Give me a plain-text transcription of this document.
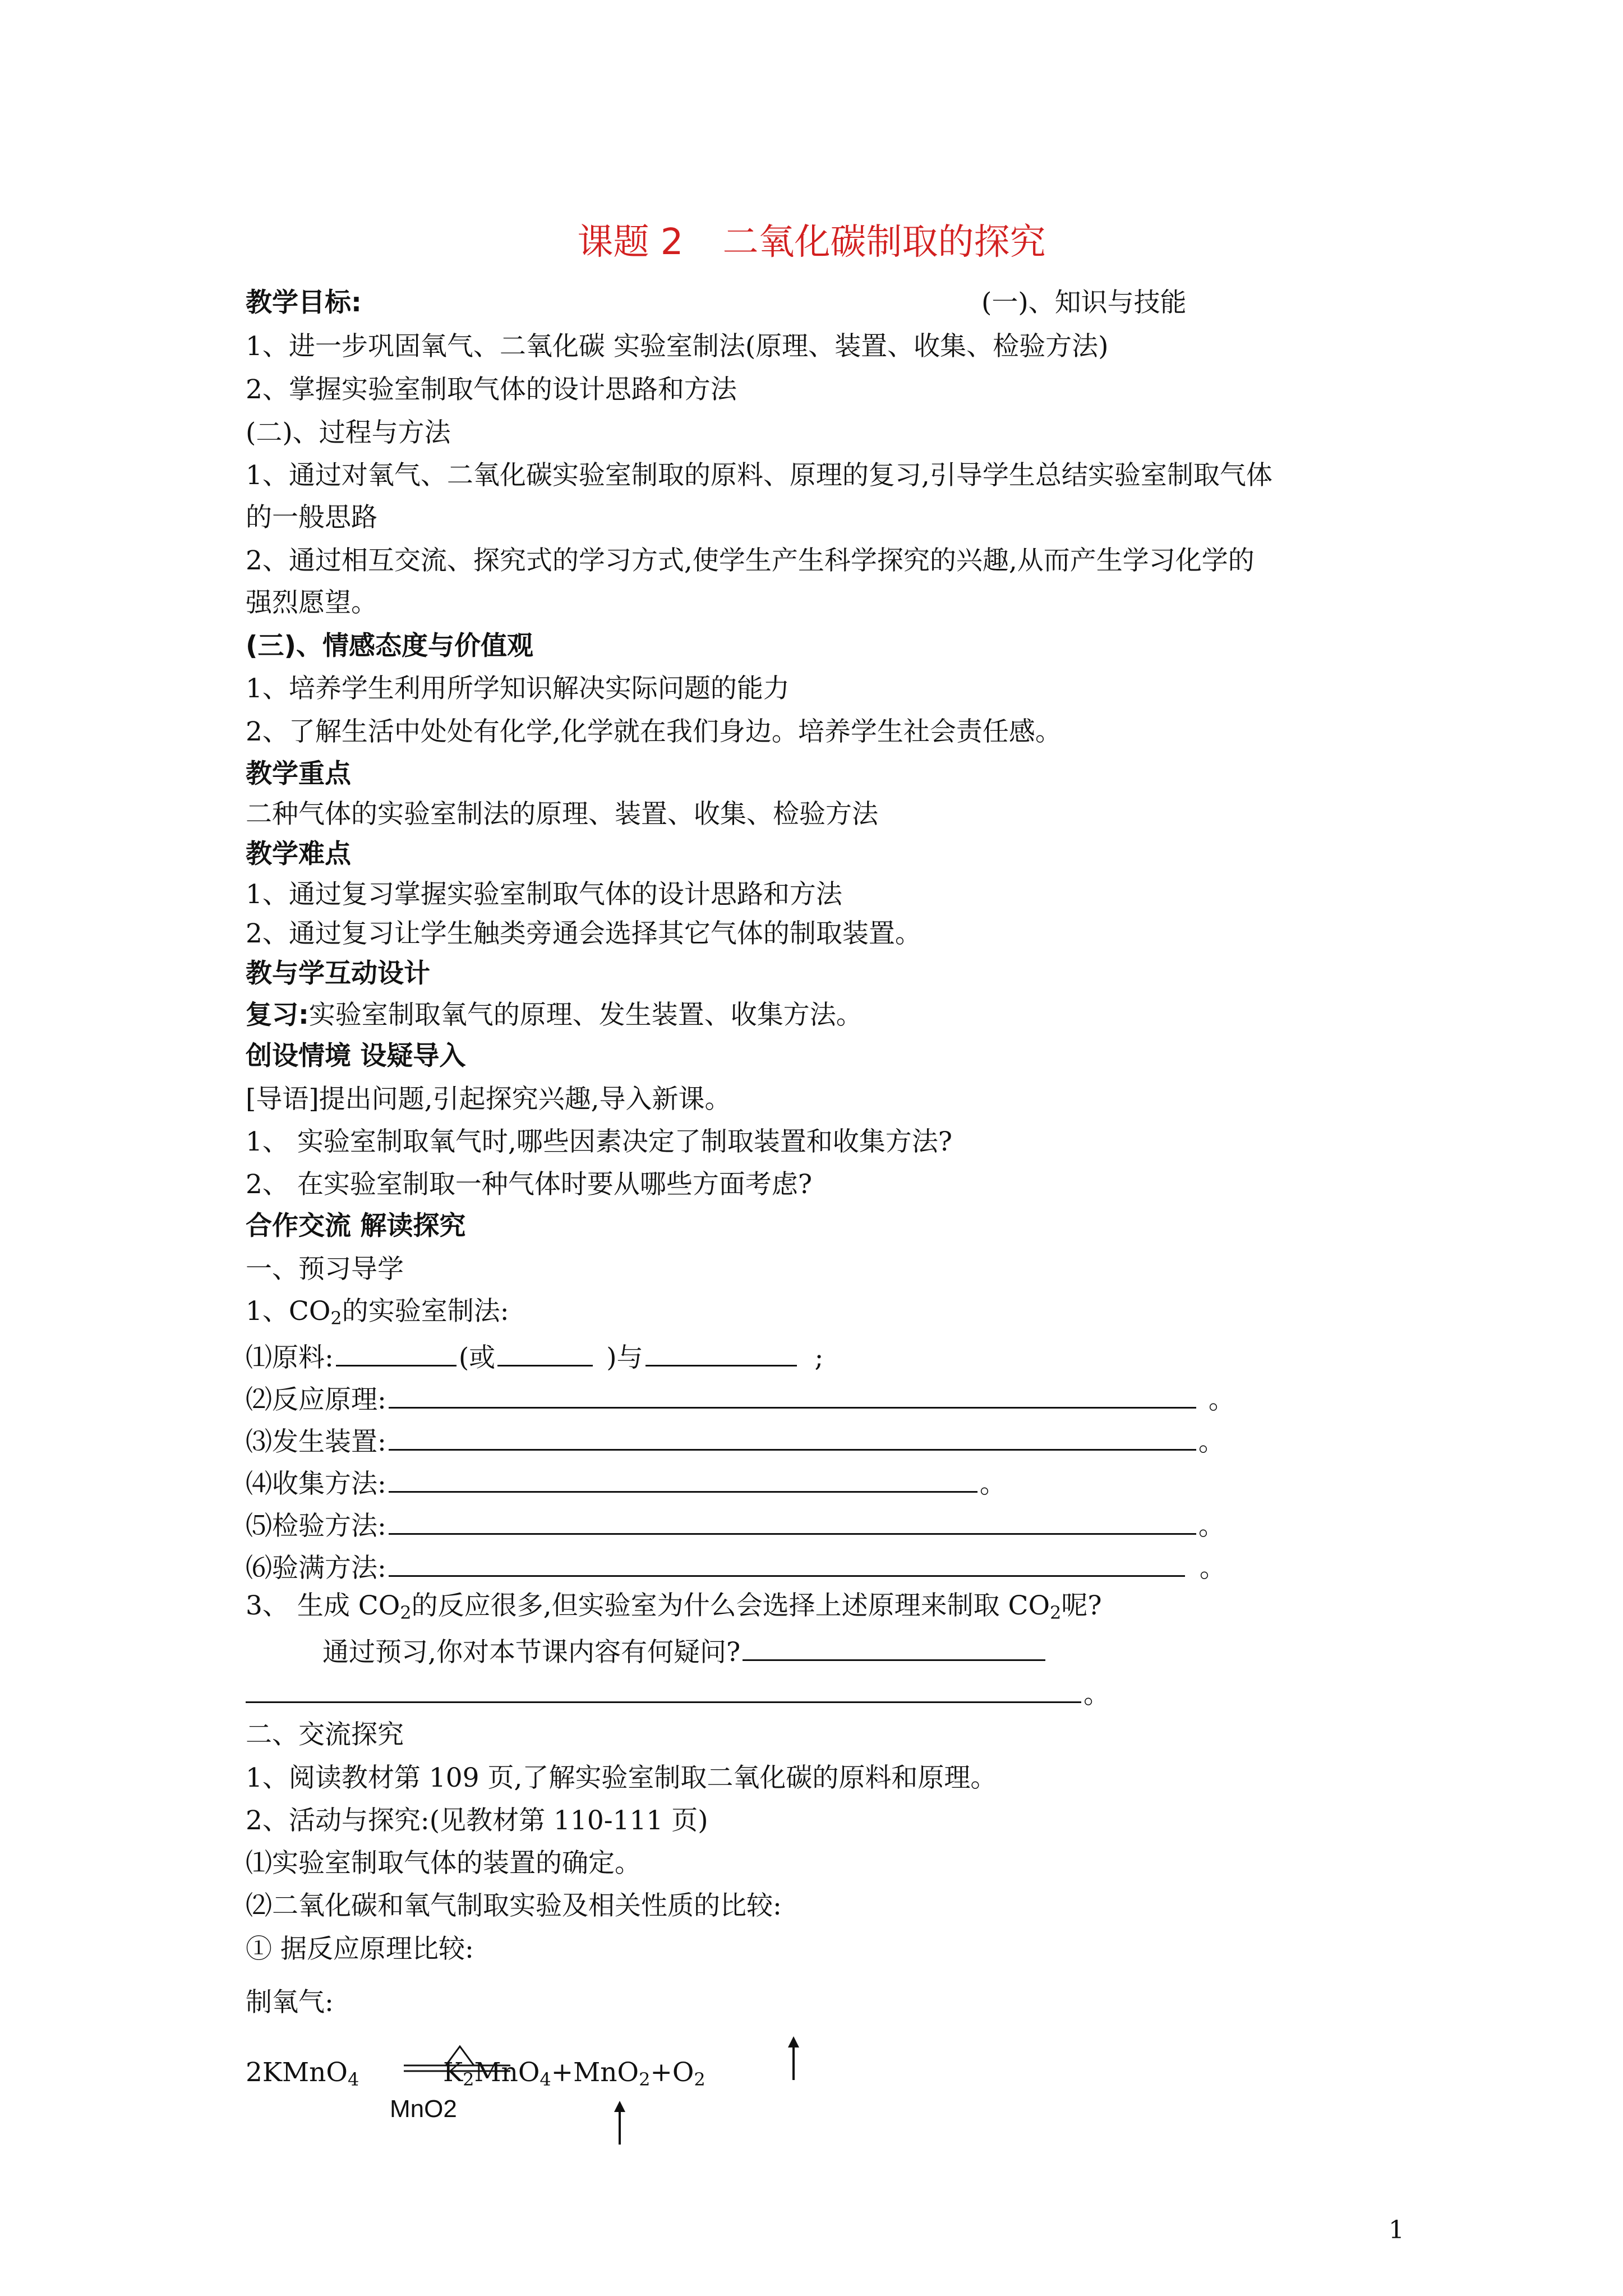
课题 2 二氧化碳制取的探究
教学目标:	(一)、知识与技能
1、进一步巩固氧气、二氧化碳 实验室制法(原理、装置、收集、检验方法)
2、掌握实验室制取气体的设计思路和方法
(二)、过程与方法
1、通过对氧气、二氧化碳实验室制取的原料、原理的复习,引导学生总结实验室制取气体
的一般思路
2、通过相互交流、探究式的学习方式,使学生产生科学探究的兴趣,从而产生学习化学的
强烈愿望。
(三)、情感态度与价值观
1、培养学生利用所学知识解决实际问题的能力
2、了解生活中处处有化学,化学就在我们身边。培养学生社会责任感。
教学重点
二种气体的实验室制法的原理、装置、收集、检验方法
教学难点
1、通过复习掌握实验室制取气体的设计思路和方法
2、通过复习让学生触类旁通会选择其它气体的制取装置。
教与学互动设计
复习:实验室制取氧气的原理、发生装置、收集方法。
创设情境 设疑导入
[导语]提出问题,引起探究兴趣,导入新课。
1、 实验室制取氧气时,哪些因素决定了制取装置和收集方法?
2、 在实验室制取一种气体时要从哪些方面考虑?
合作交流 解读探究
一、预习导学
1、$CO_2$的实验室制法:
⑴原料:	(或	)与	;
⑵反应原理:	。
⑶发生装置:	。
⑷收集方法:	。
⑸检验方法:	。
⑹验满方法:	。
3、 生成 $CO_2$的反应很多,但实验室为什么会选择上述原理来制取 $CO_2$呢?
通过预习,你对本节课内容有何疑问?
。
二、交流探究
1、阅读教材第 109 页,了解实验室制取二氧化碳的原料和原理。
2、活动与探究:(见教材第 110-111 页)
⑴实验室制取气体的装置的确定。
⑵二氧化碳和氧气制取实验及相关性质的比较:
① 据反应原理比较:
制氧气:
2KMnO$_4$	$K_2MnO_4+MnO_2+O_2$
MnO2
1
